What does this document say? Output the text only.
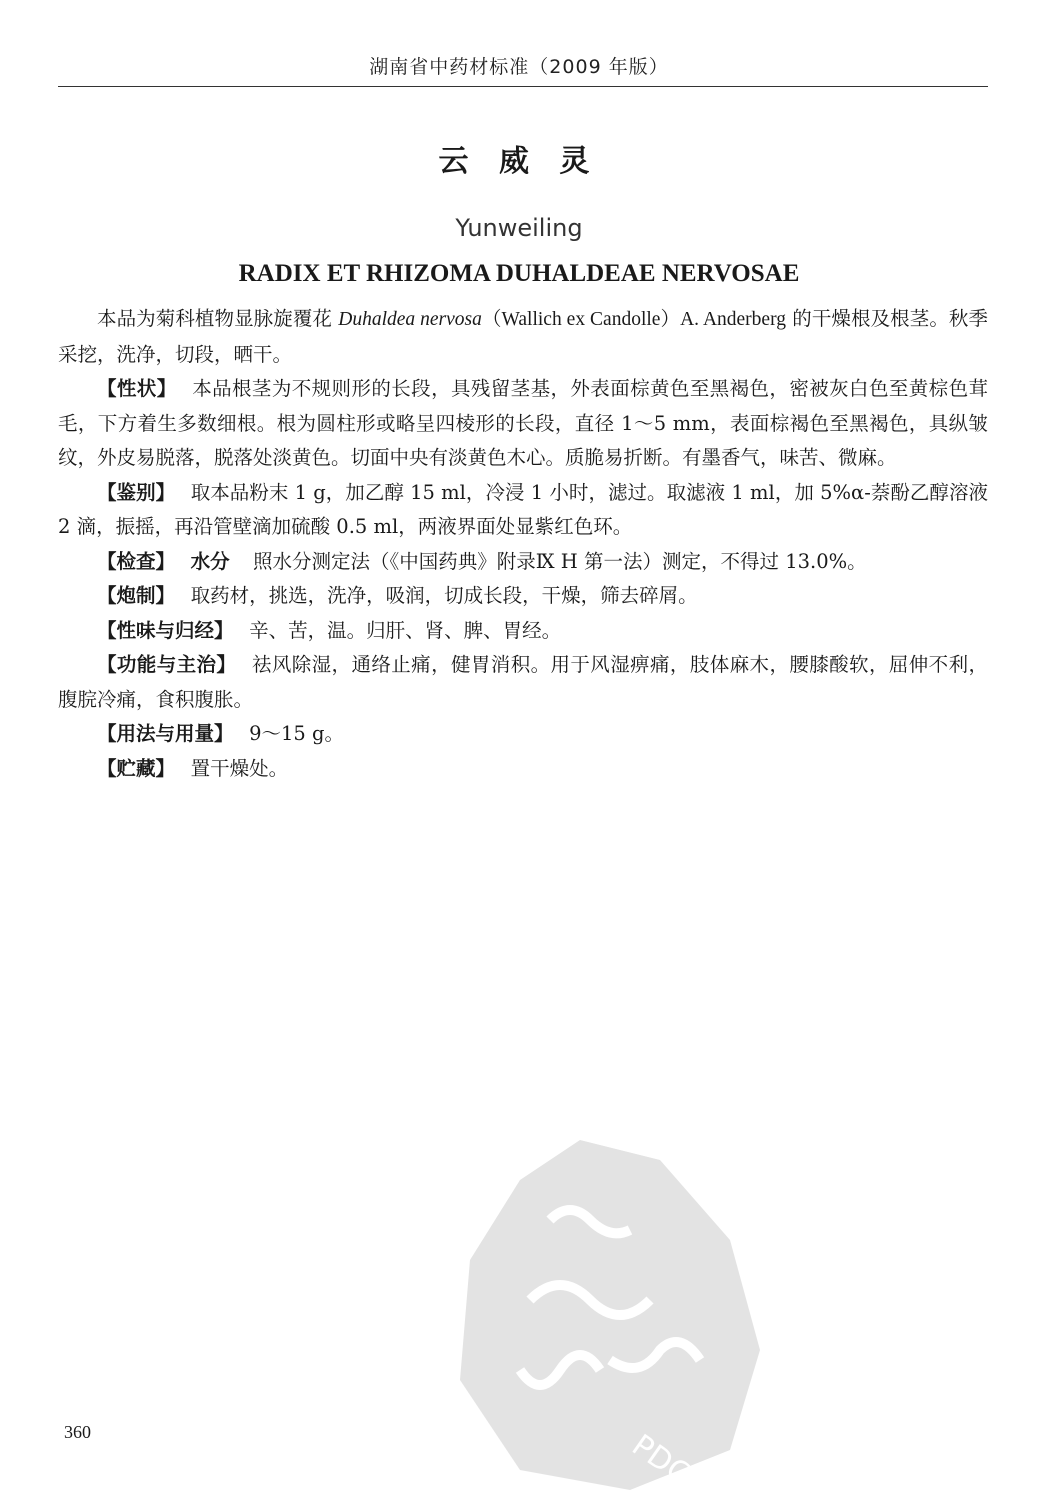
湖南省中药材标准（2009 年版）
云 威 灵
Yunweiling
RADIX ET RHIZOMA DUHALDEAE NERVOSAE

本品为菊科植物显脉旋覆花 Duhaldea nervosa（Wallich ex Candolle）A. Anderberg 的干燥根及根茎。秋季采挖，洗净，切段，晒干。

【性状】 本品根茎为不规则形的长段，具残留茎基，外表面棕黄色至黑褐色，密被灰白色至黄棕色茸毛，下方着生多数细根。根为圆柱形或略呈四棱形的长段，直径 1～5 mm，表面棕褐色至黑褐色，具纵皱纹，外皮易脱落，脱落处淡黄色。切面中央有淡黄色木心。质脆易折断。有墨香气，味苦、微麻。

【鉴别】 取本品粉末 1 g，加乙醇 15 ml，冷浸 1 小时，滤过。取滤液 1 ml，加 5%α-萘酚乙醇溶液 2 滴，振摇，再沿管壁滴加硫酸 0.5 ml，两液界面处显紫红色环。

【检查】 水分 照水分测定法（《中国药典》附录Ⅸ H 第一法）测定，不得过 13.0%。

【炮制】 取药材，挑选，洗净，吸润，切成长段，干燥，筛去碎屑。

【性味与归经】 辛、苦，温。归肝、肾、脾、胃经。

【功能与主治】 祛风除湿，通络止痛，健胃消积。用于风湿痹痛，肢体麻木，腰膝酸软，屈伸不利，腹脘冷痛，食积腹胀。

【用法与用量】 9～15 g。

【贮藏】 置干燥处。

PDG
360
